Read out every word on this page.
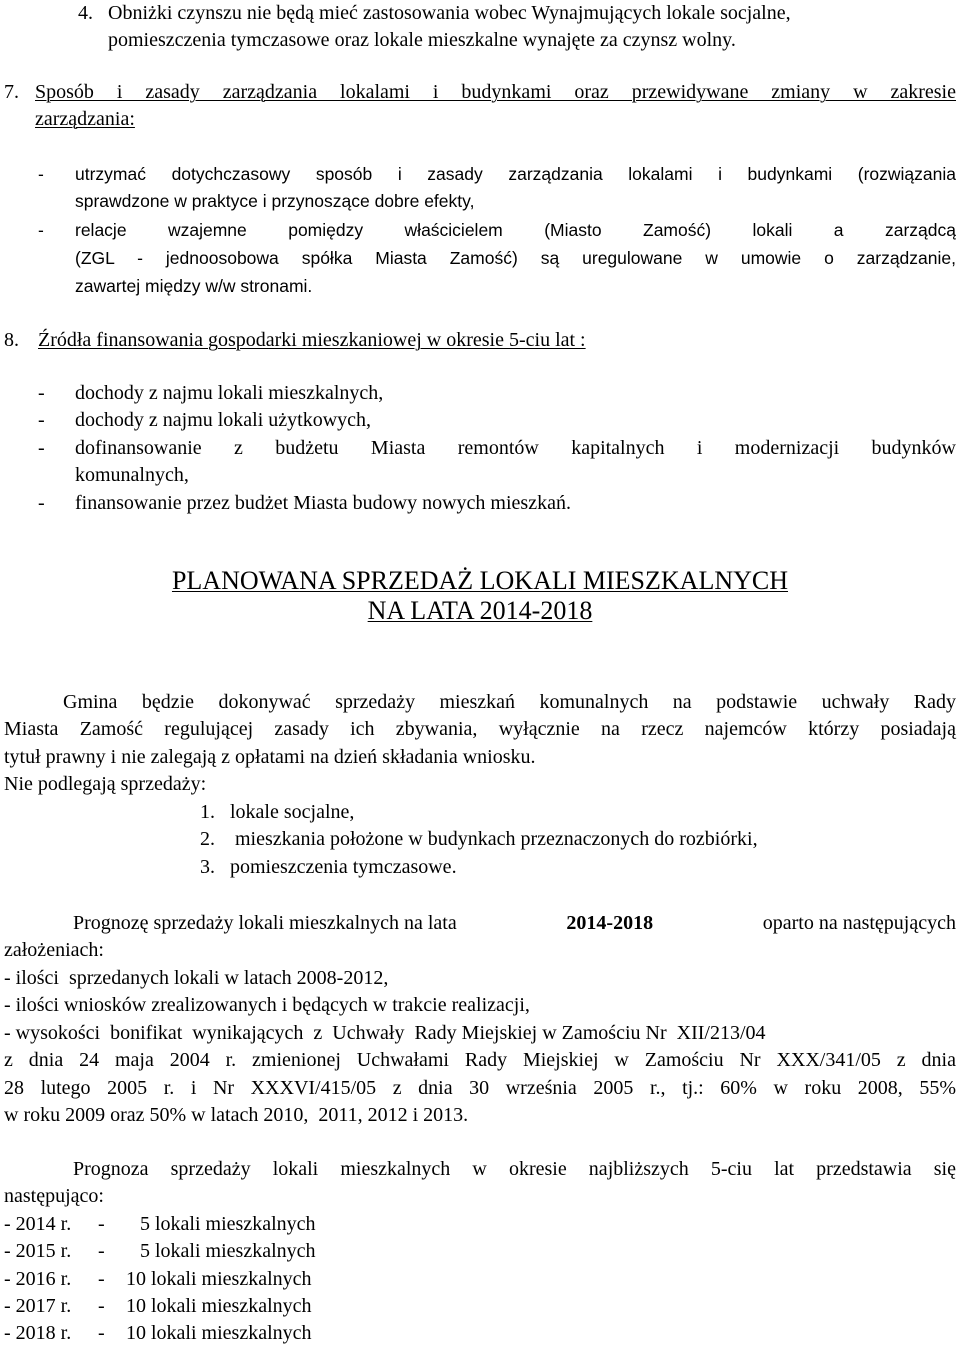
4. Obniżki czynszu nie będą mieć zastosowania wobec Wynajmujących lokale socjalne,
pomieszczenia tymczasowe oraz lokale mieszkalne wynajęte za czynsz wolny.
7. Sposób i zasady zarządzania lokalami i budynkami oraz przewidywane zmiany w zakresie
zarządzania:
- utrzymać dotychczasowy sposób i zasady zarządzania lokalami i budynkami (rozwiązania
sprawdzone w praktyce i przynoszące dobre efekty,
- relacje wzajemne pomiędzy właścicielem (Miasto Zamość) lokali a zarządcą
(ZGL - jednoosobowa spółka Miasta Zamość) są uregulowane w umowie o zarządzanie,
zawartej między w/w stronami.
8. Źródła finansowania gospodarki mieszkaniowej w okresie 5-ciu lat :
- dochody z najmu lokali mieszkalnych,
- dochody z najmu lokali użytkowych,
- dofinansowanie z budżetu Miasta remontów kapitalnych i modernizacji budynków
komunalnych,
- finansowanie przez budżet Miasta budowy nowych mieszkań.
PLANOWANA SPRZEDAŻ LOKALI MIESZKALNYCH
NA LATA 2014-2018
Gmina będzie dokonywać sprzedaży mieszkań komunalnych na podstawie uchwały Rady
Miasta Zamość regulującej zasady ich zbywania, wyłącznie na rzecz najemców którzy posiadają
tytuł prawny i nie zalegają z opłatami na dzień składania wniosku.
Nie podlegają sprzedaży:
1. lokale socjalne,
2. mieszkania położone w budynkach przeznaczonych do rozbiórki,
3. pomieszczenia tymczasowe.
Prognozę sprzedaży lokali mieszkalnych na lata	2014-2018	oparto na następujących
założeniach:
- ilości  sprzedanych lokali w latach 2008-2012,
- ilości wniosków zrealizowanych i będących w trakcie realizacji,
- wysokości  bonifikat  wynikających  z  Uchwały  Rady Miejskiej w Zamościu Nr  XII/213/04
z dnia 24 maja 2004 r. zmienionej Uchwałami Rady Miejskiej w Zamościu Nr XXX/341/05 z dnia
28 lutego 2005 r. i Nr XXXVI/415/05 z dnia 30 września 2005 r., tj.: 60% w roku 2008, 55%
w roku 2009 oraz 50% w latach 2010,  2011, 2012 i 2013.
Prognoza sprzedaży lokali mieszkalnych w okresie najbliższych 5-ciu lat przedstawia się
następująco:
- 2014 r. - 5 lokali mieszkalnych
- 2015 r. - 5 lokali mieszkalnych
- 2016 r. - 10 lokali mieszkalnych
- 2017 r. - 10 lokali mieszkalnych
- 2018 r. - 10 lokali mieszkalnych
